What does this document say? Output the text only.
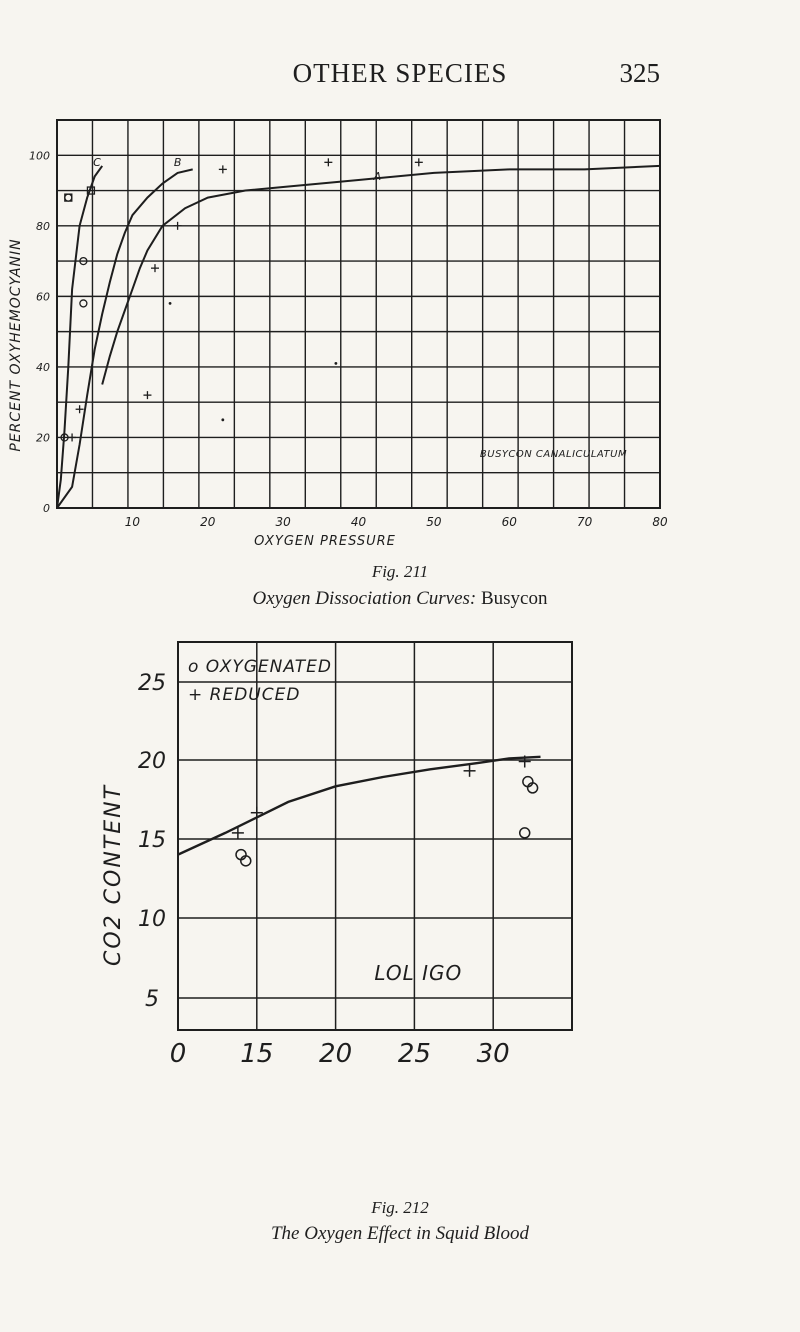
OTHER SPECIES	325
C	B
A
100
80
60
40
20
0
10	20	30	40	50	60	70	80
OXYGEN PRESSURE
PERCENT OXYHEMOCYANIN
BUSYCON CANALICULATUM
Fig. 211
Oxygen Dissociation Curves: Busycon
o OXYGENATED
+ REDUCED
25
20
15
10
5
0 15 20 25 30
CO2 CONTENT
LOL IGO
Fig. 212
The Oxygen Effect in Squid Blood
